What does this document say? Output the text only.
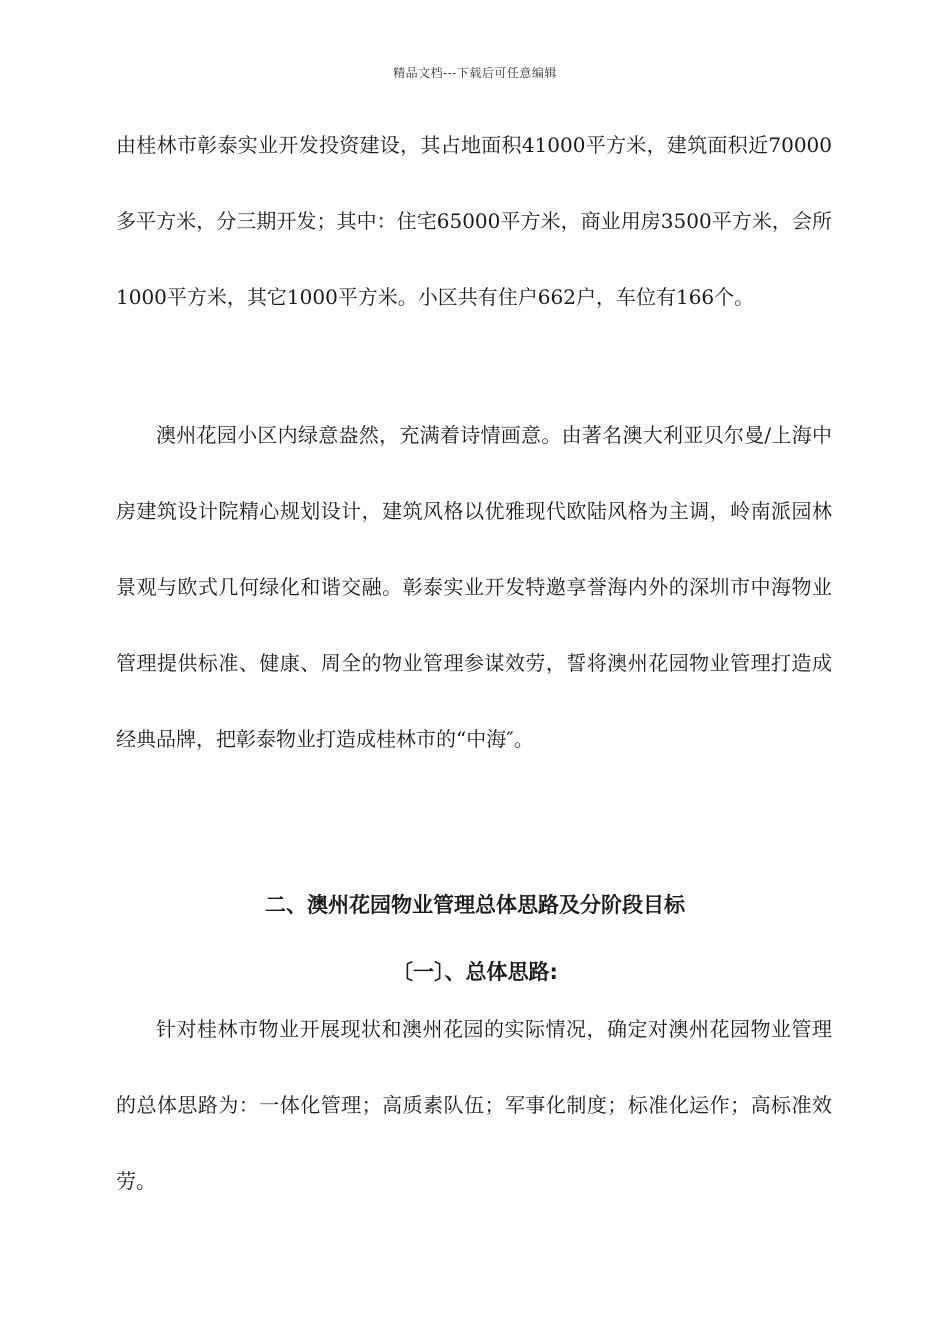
精品文档---下载后可任意编辑

由桂林市彰泰实业开发投资建设，其占地面积41000平方米，建筑面积近70000多平方米，分三期开发；其中：住宅65000平方米，商业用房3500平方米，会所1000平方米，其它1000平方米。小区共有住户662户，车位有166个。

澳州花园小区内绿意盎然，充满着诗情画意。由著名澳大利亚贝尔曼/上海中房建筑设计院精心规划设计，建筑风格以优雅现代欧陆风格为主调，岭南派园林景观与欧式几何绿化和谐交融。彰泰实业开发特邀享誉海内外的深圳市中海物业管理提供标准、健康、周全的物业管理参谋效劳，誓将澳州花园物业管理打造成经典品牌，把彰泰物业打造成桂林市的“中海″。

二、澳州花园物业管理总体思路及分阶段目标
〔一〕、总体思路:

针对桂林市物业开展现状和澳州花园的实际情况，确定对澳州花园物业管理的总体思路为：一体化管理；高质素队伍；军事化制度；标准化运作；高标准效劳。
